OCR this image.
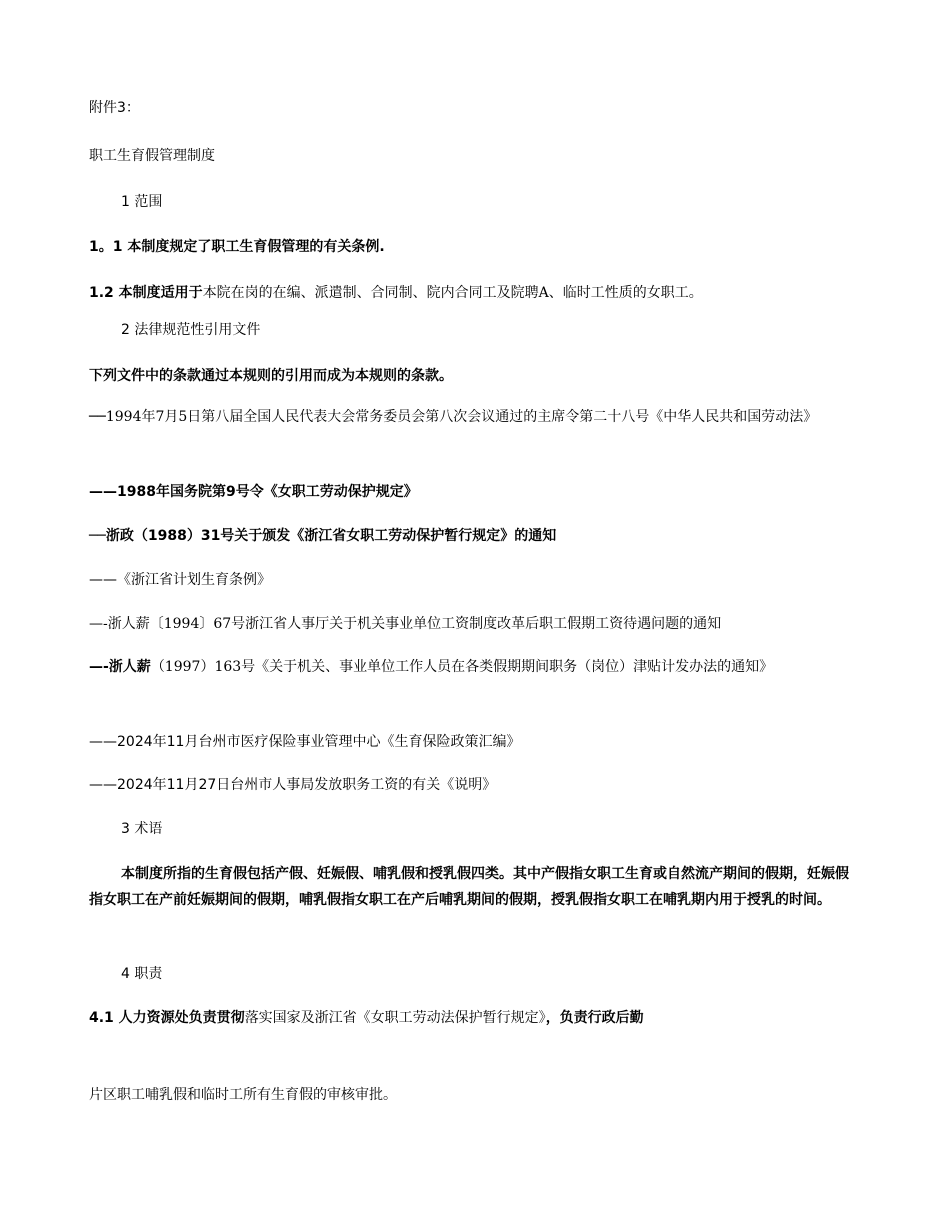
附件3：
职工生育假管理制度
1 范围
1。1 本制度规定了职工生育假管理的有关条例.
1.2 本制度适用于本院在岗的在编、派遣制、合同制、院内合同工及院聘A、临时工性质的女职工。
2 法律规范性引用文件
下列文件中的条款通过本规则的引用而成为本规则的条款。
──1994年7月5日第八届全国人民代表大会常务委员会第八次会议通过的主席令第二十八号《中华人民共和国劳动法》
——1988年国务院第9号令《女职工劳动保护规定》
──浙政（1988）31号关于颁发《浙江省女职工劳动保护暂行规定》的通知
——《浙江省计划生育条例》
—-浙人薪〔1994〕67号浙江省人事厅关于机关事业单位工资制度改革后职工假期工资待遇问题的通知
—-浙人薪（1997）163号《关于机关、事业单位工作人员在各类假期期间职务（岗位）津贴计发办法的通知》
——2024年11月台州市医疗保险事业管理中心《生育保险政策汇编》
——2024年11月27日台州市人事局发放职务工资的有关《说明》
3 术语
本制度所指的生育假包括产假、妊娠假、哺乳假和授乳假四类。其中产假指女职工生育或自然流产期间的假期，妊娠假指女职工在产前妊娠期间的假期，哺乳假指女职工在产后哺乳期间的假期，授乳假指女职工在哺乳期内用于授乳的时间。
4 职责
4.1 人力资源处负责贯彻落实国家及浙江省《女职工劳动法保护暂行规定》，负责行政后勤
片区职工哺乳假和临时工所有生育假的审核审批。
